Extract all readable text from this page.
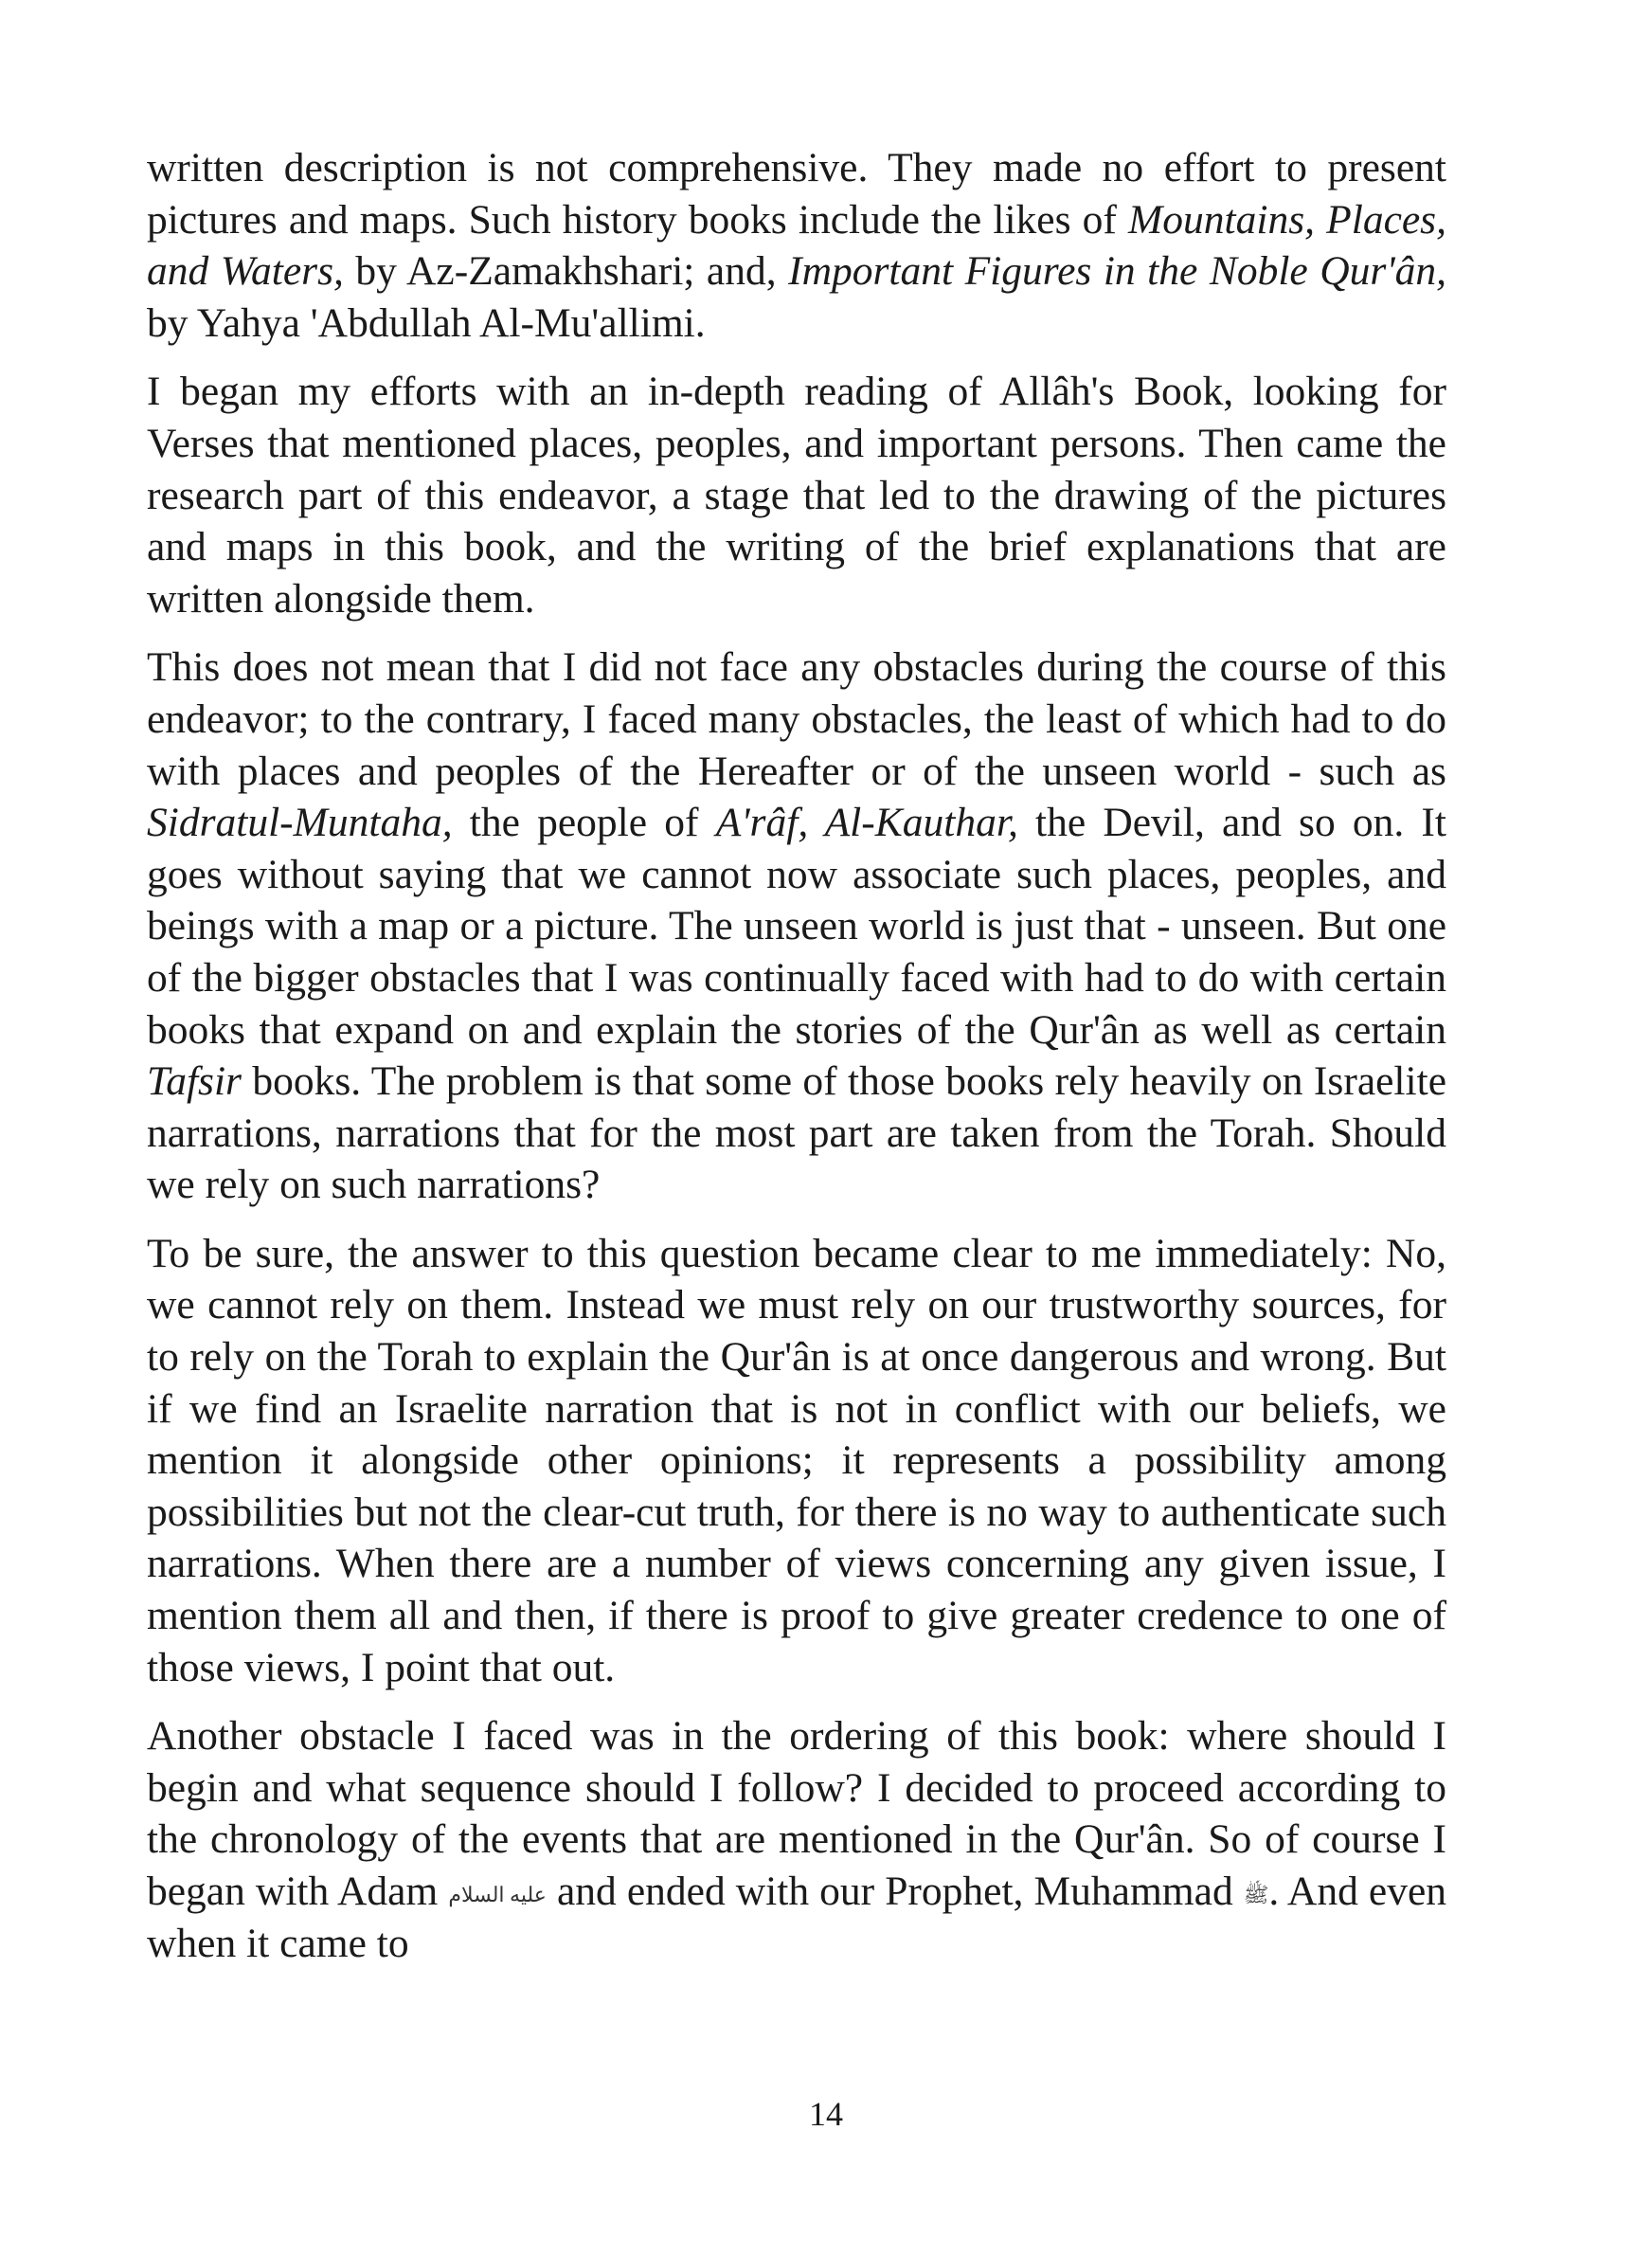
written description is not comprehensive. They made no effort to present pictures and maps. Such history books include the likes of Mountains, Places, and Waters, by Az-Zamakhshari; and, Important Figures in the Noble Qur'ân, by Yahya 'Abdullah Al-Mu'allimi.

I began my efforts with an in-depth reading of Allâh's Book, looking for Verses that mentioned places, peoples, and important persons. Then came the research part of this endeavor, a stage that led to the drawing of the pictures and maps in this book, and the writing of the brief explanations that are written alongside them.

This does not mean that I did not face any obstacles during the course of this endeavor; to the contrary, I faced many obstacles, the least of which had to do with places and peoples of the Hereafter or of the unseen world - such as Sidratul-Muntaha, the people of A'râf, Al-Kauthar, the Devil, and so on. It goes without saying that we cannot now associate such places, peoples, and beings with a map or a picture. The unseen world is just that - unseen. But one of the bigger obstacles that I was continually faced with had to do with certain books that expand on and explain the stories of the Qur'ân as well as certain Tafsir books. The problem is that some of those books rely heavily on Israelite narrations, narrations that for the most part are taken from the Torah. Should we rely on such narrations?

To be sure, the answer to this question became clear to me immediately: No, we cannot rely on them. Instead we must rely on our trustworthy sources, for to rely on the Torah to explain the Qur'ân is at once dangerous and wrong. But if we find an Israelite narration that is not in conflict with our beliefs, we mention it alongside other opinions; it represents a possibility among possibilities but not the clear-cut truth, for there is no way to authenticate such narrations. When there are a number of views concerning any given issue, I mention them all and then, if there is proof to give greater credence to one of those views, I point that out.

Another obstacle I faced was in the ordering of this book: where should I begin and what sequence should I follow? I decided to proceed according to the chronology of the events that are mentioned in the Qur'ân. So of course I began with Adam عليه السلام and ended with our Prophet, Muhammad ﷺ. And even when it came to

14
